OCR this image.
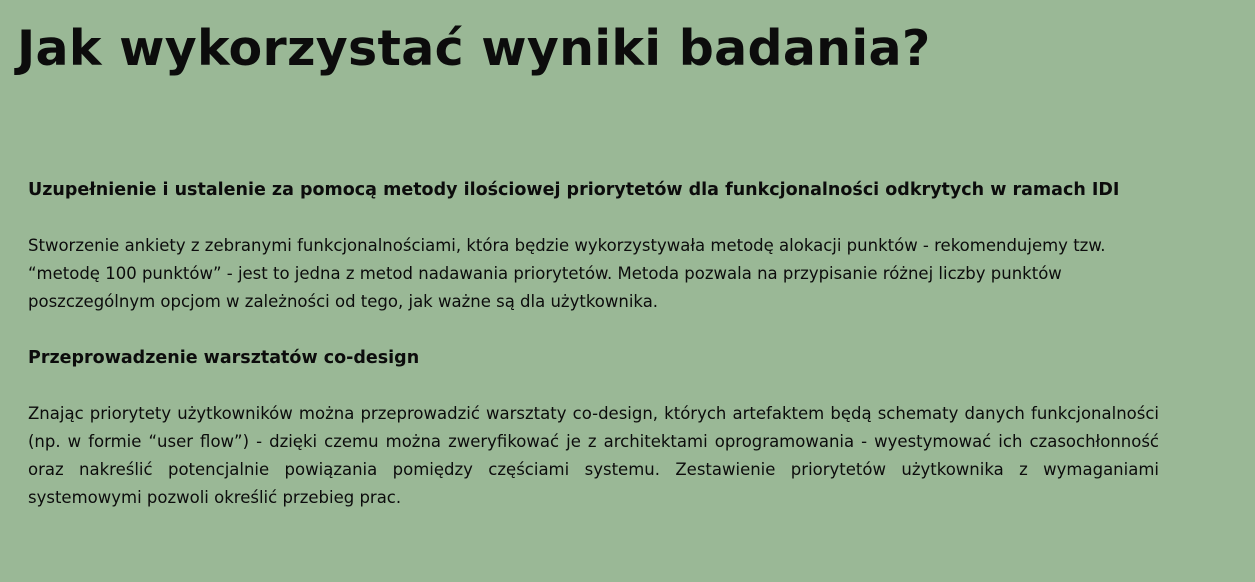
Jak wykorzystać wyniki badania?
Uzupełnienie i ustalenie za pomocą metody ilościowej priorytetów dla funkcjonalności odkrytych w ramach IDI

Stworzenie ankiety z zebranymi funkcjonalnościami, która będzie wykorzystywała metodę alokacji punktów - rekomendujemy tzw. “metodę 100 punktów” - jest to jedna z metod nadawania priorytetów. Metoda pozwala na przypisanie różnej liczby punktów poszczególnym opcjom w zależności od tego, jak ważne są dla użytkownika.

Przeprowadzenie warsztatów co-design

Znając priorytety użytkowników można przeprowadzić warsztaty co-design, których artefaktem będą schematy danych funkcjonalności (np. w formie “user flow”) - dzięki czemu można zweryfikować je z architektami oprogramowania - wyestymować ich czasochłonność oraz nakreślić potencjalnie powiązania pomiędzy częściami systemu. Zestawienie priorytetów użytkownika z wymaganiami systemowymi pozwoli określić przebieg prac.
